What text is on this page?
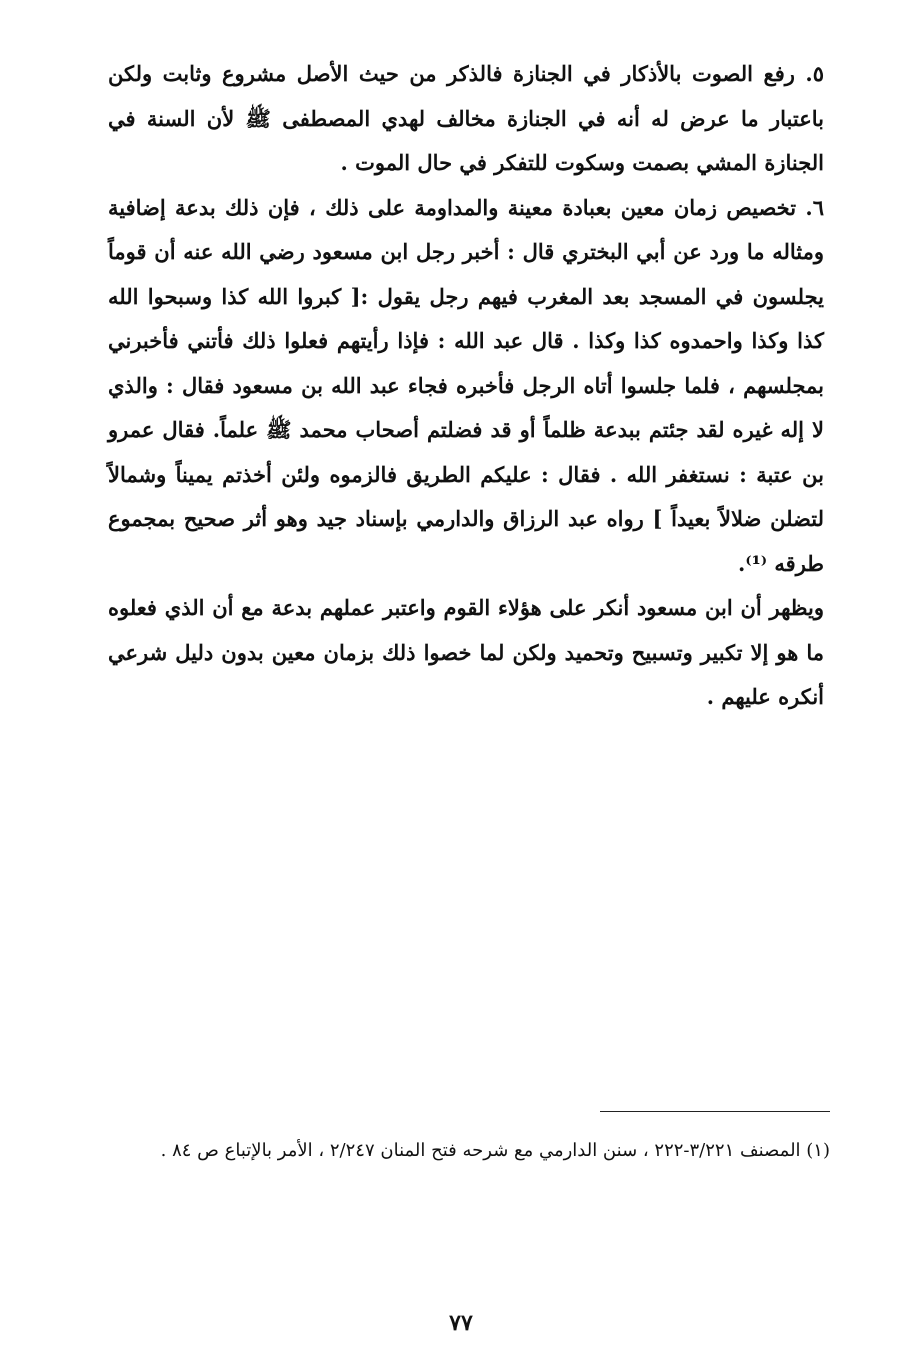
٥. رفع الصوت بالأذكار في الجنازة فالذكر من حيث الأصل مشروع وثابت ولكن باعتبار ما عرض له أنه في الجنازة مخالف لهدي المصطفى ﷺ لأن السنة في الجنازة المشي بصمت وسكوت للتفكر في حال الموت .

٦. تخصيص زمان معين بعبادة معينة والمداومة على ذلك ، فإن ذلك بدعة إضافية ومثاله ما ورد عن أبي البختري قال : أخبر رجل ابن مسعود رضي الله عنه أن قوماً يجلسون في المسجد بعد المغرب فيهم رجل يقول :[ كبروا الله كذا وسبحوا الله كذا وكذا واحمدوه كذا وكذا . قال عبد الله : فإذا رأيتهم فعلوا ذلك فأتني فأخبرني بمجلسهم ، فلما جلسوا أتاه الرجل فأخبره فجاء عبد الله بن مسعود فقال : والذي لا إله غيره لقد جئتم ببدعة ظلماً أو قد فضلتم أصحاب محمد ﷺ علماً. فقال عمرو بن عتبة : نستغفر الله . فقال : عليكم الطريق فالزموه ولئن أخذتم يميناً وشمالاً لتضلن ضلالاً بعيداً ] رواه عبد الرزاق والدارمي بإسناد جيد وهو أثر صحيح بمجموع طرقه ⁽¹⁾.

ويظهر أن ابن مسعود أنكر على هؤلاء القوم واعتبر عملهم بدعة مع أن الذي فعلوه ما هو إلا تكبير وتسبيح وتحميد ولكن لما خصوا ذلك بزمان معين بدون دليل شرعي أنكره عليهم .

(١) المصنف ٣/٢٢١-٢٢٢ ، سنن الدارمي مع شرحه فتح المنان ٢/٢٤٧ ، الأمر بالإتباع ص ٨٤ .

٧٧
